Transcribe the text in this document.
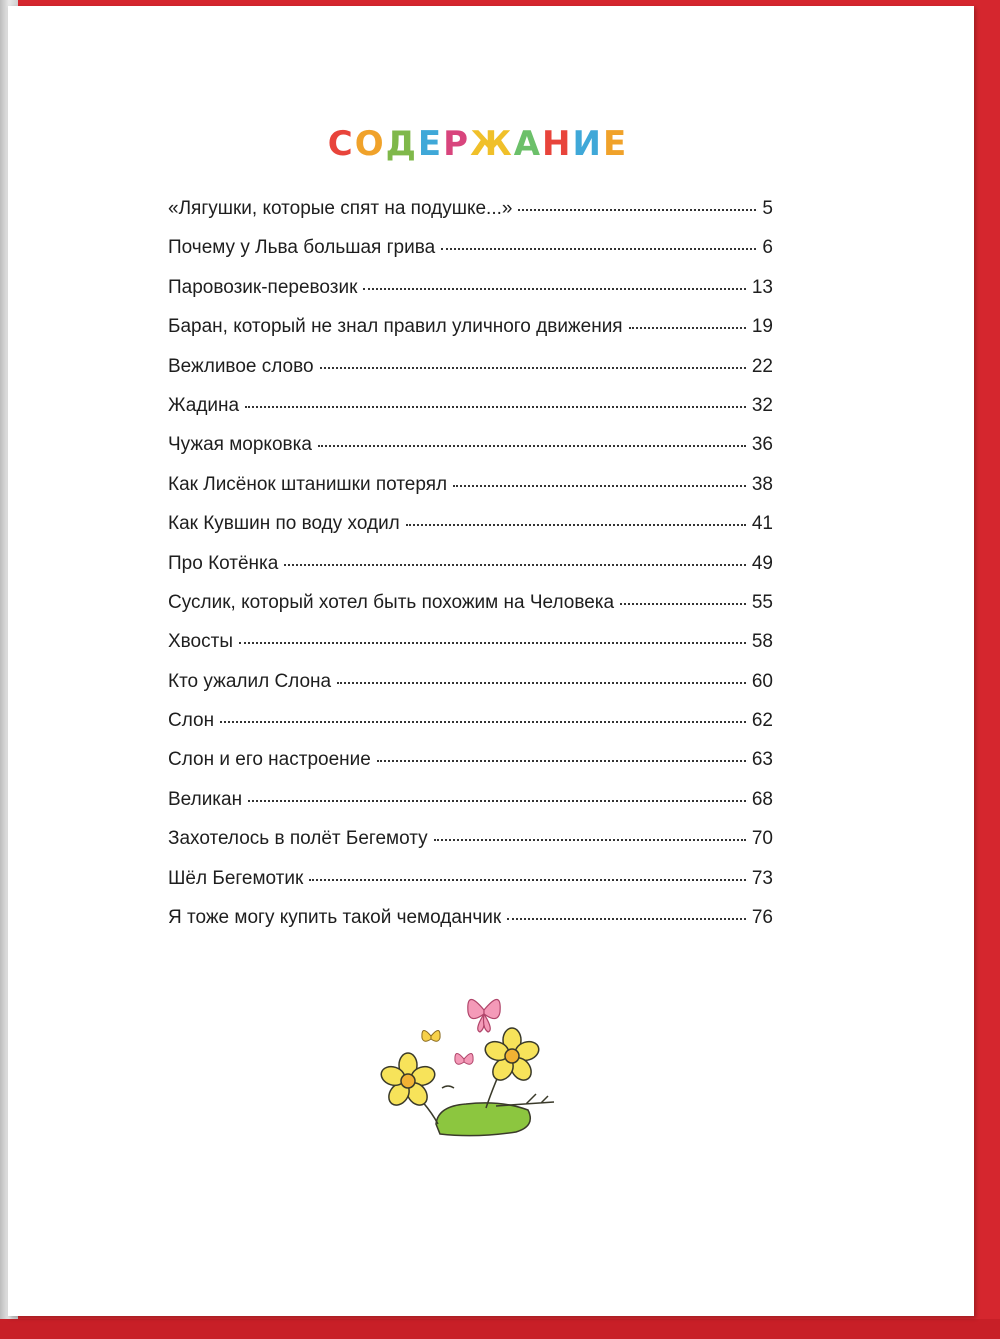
СОДЕРЖАНИЕ
«Лягушки, которые спят на подушке...»	5
Почему у Льва большая грива	6
Паровозик-перевозик	13
Баран, который не знал правил уличного движения	19
Вежливое слово	22
Жадина	32
Чужая морковка	36
Как Лисёнок штанишки потерял	38
Как Кувшин по воду ходил	41
Про Котёнка	49
Суслик, который хотел быть похожим на Человека	55
Хвосты	58
Кто ужалил Слона	60
Слон	62
Слон и его настроение	63
Великан	68
Захотелось в полёт Бегемоту	70
Шёл Бегемотик	73
Я тоже могу купить такой чемоданчик	76
